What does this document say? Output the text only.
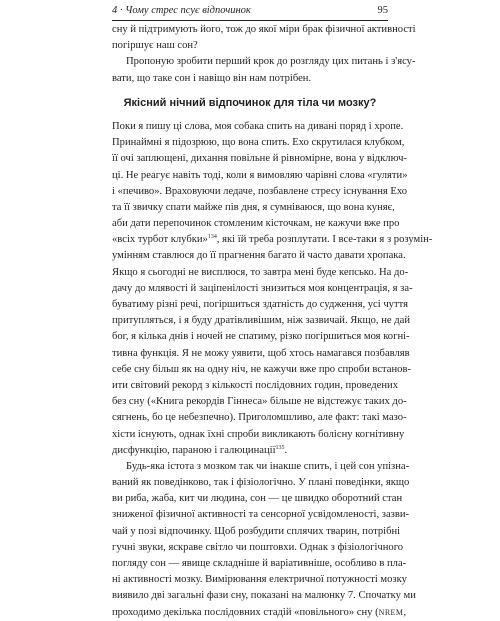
4 · Чому стрес псує відпочинок	95
сну й підтримують його, тож до якої міри брак фізичної активності
погіршує наш сон?
Пропоную зробити перший крок до розгляду цих питань і з'ясу-
вати, що таке сон і навіщо він нам потрібен.
Якісний нічний відпочинок для тіла чи мозку?
Поки я пишу ці слова, моя собака спить на дивані поряд і хропе.
Принаймні я підозрюю, що вона спить. Ехо скрутилася клубком,
її очі заплющені, дихання повільне й рівномірне, вона у відключ-
ці. Не реагує навіть тоді, коли я вимовляю чарівні слова «гуляти»
і «печиво». Враховуючи ледаче, позбавлене стресу існування Ехо
та її звичку спати майже пів дня, я сумніваюся, що вона куняє,
аби дати перепочинок стомленим кісточкам, не кажучи вже про
«всіх турбот клубки»$^{134}$, які їй треба розплутати. І все-таки я з розумін-
умінням ставлюся до її прагнення багато й часто давати хропака.
Якщо я сьогодні не висплюся, то завтра мені буде кепсько. На до-
дачу до млявості й заціпенілості знизиться моя концентрація, я за-
буватиму різні речі, погіршиться здатність до судження, усі чуття
притупляться, і я буду дратівливішим, ніж зазвичай. Якщо, не дай
бог, я кілька днів і ночей не спатиму, різко погіршиться моя когні-
тивна функція. Я не можу уявити, щоб хтось намагався позбавляв
себе сну більш як на одну ніч, не кажучи вже про спроби встанов-
ити світовий рекорд з кількості послідовних годин, проведених
без сну («Книга рекордів Гіннеса» більше не відстежує таких до-
сягнень, бо це небезпечно). Приголомшливо, але факт: такі мазо-
хісти існують, однак їхні спроби викликають болісну когнітивну
дисфункцію, параною і галюцинації$^{135}$.
Будь-яка істота з мозком так чи інакше спить, і цей сон упізна-
ваний як поведінково, так і фізіологічно. У плані поведінки, якщо
ви риба, жаба, кит чи людина, сон — це швидко оборотний стан
зниженої фізичної активності та сенсорної усвідомленості, зазви-
чай у позі відпочинку. Щоб розбудити сплячих тварин, потрібні
гучні звуки, яскраве світло чи поштовхи. Однак з фізіологічного
погляду сон — явище складніше й варіативніше, особливо в пла-
ні активності мозку. Вимірювання електричної потужності мозку
виявило дві загальні фази сну, показані на малюнку 7. Спочатку ми
проходимо декілька послідовних стадій «повільного» сну (NREM,
